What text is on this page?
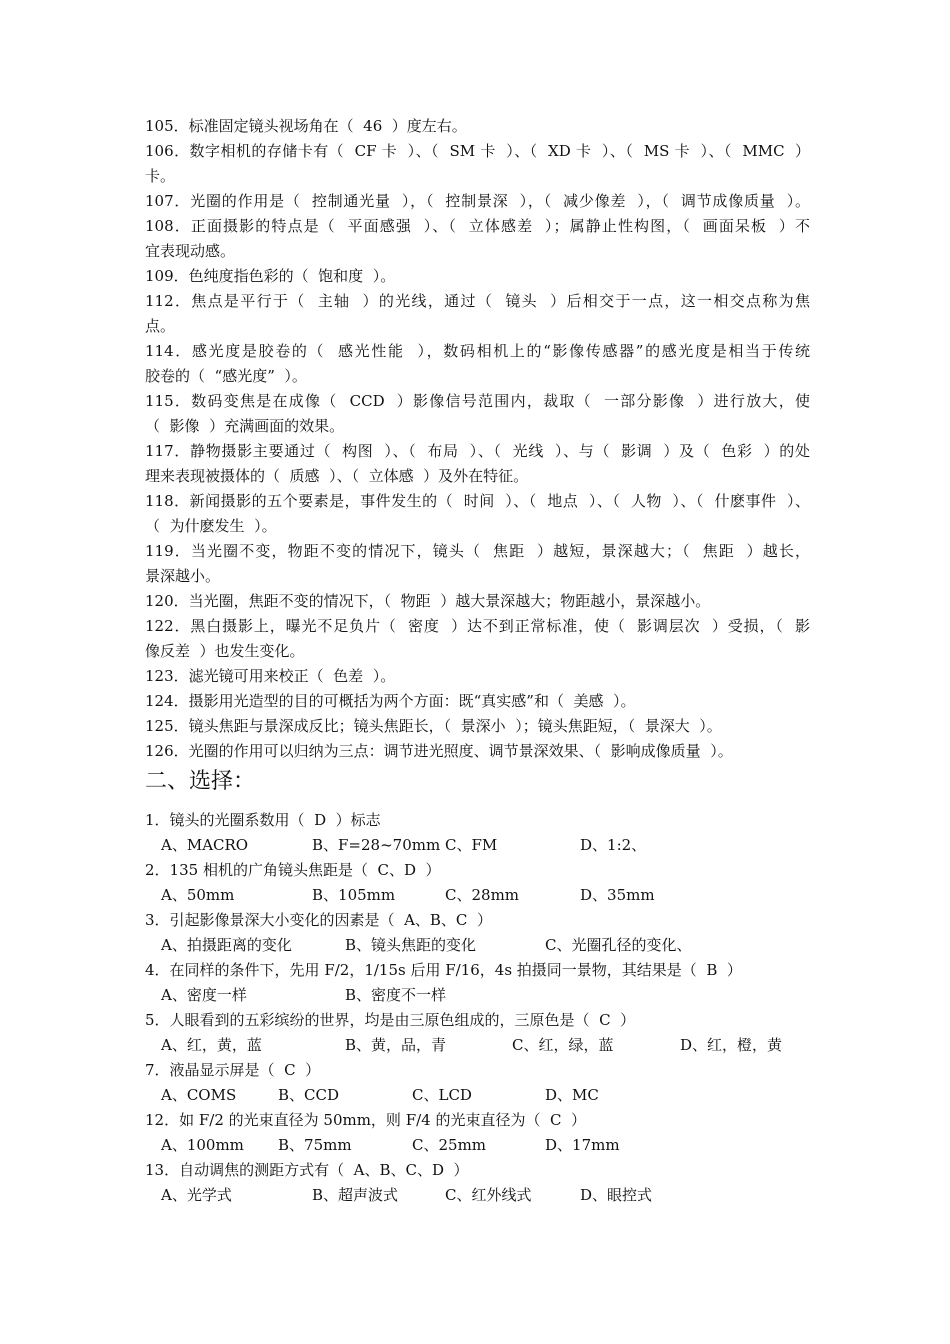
105．标准固定镜头视场角在（  46  ）度左右。
106．数字相机的存储卡有（  CF 卡  ）、（  SM 卡  ）、（  XD 卡  ）、（  MS 卡  ）、（  MMC  ）
卡。
107．光圈的作用是（  控制通光量  ），（  控制景深  ），（  减少像差  ），（  调节成像质量  ）。
108．正面摄影的特点是（  平面感强  ）、（  立体感差  ）；属静止性构图，（  画面呆板  ）不
宜表现动感。
109．色纯度指色彩的（  饱和度  ）。
112．焦点是平行于（  主轴  ）的光线，通过（  镜头  ）后相交于一点，这一相交点称为焦
点。
114．感光度是胶卷的（  感光性能  ），数码相机上的“影像传感器”的感光度是相当于传统
胶卷的（  “感光度”  ）。
115．数码变焦是在成像（  CCD  ）影像信号范围内，裁取（  一部分影像  ）进行放大，使
（  影像  ）充满画面的效果。
117．静物摄影主要通过（  构图  ）、（  布局  ）、（  光线  ）、与（  影调  ）及（  色彩  ）的处
理来表现被摄体的（  质感  ）、（  立体感  ）及外在特征。
118．新闻摄影的五个要素是，事件发生的（  时间  ）、（  地点  ）、（  人物  ）、（  什麽事件  ）、
（  为什麽发生  ）。
119．当光圈不变，物距不变的情况下，镜头（  焦距  ）越短，景深越大；（  焦距  ）越长，
景深越小。
120．当光圈，焦距不变的情况下，（  物距  ）越大景深越大；物距越小，景深越小。
122．黑白摄影上，曝光不足负片（  密度  ）达不到正常标准，使（  影调层次  ）受损，（  影
像反差  ）也发生变化。
123．滤光镜可用来校正（  色差  ）。
124．摄影用光造型的目的可概括为两个方面：既“真实感”和（  美感  ）。
125．镜头焦距与景深成反比；镜头焦距长，（  景深小  ）；镜头焦距短，（  景深大  ）。
126．光圈的作用可以归纳为三点：调节进光照度、调节景深效果、（  影响成像质量  ）。
二、选择：
1．镜头的光圈系数用（  D  ）标志
A、MACRO	B、F=28~70mm C、FM	D、1:2、
2．135 相机的广角镜头焦距是（  C、D  ）
A、50mm	B、105mm	C、28mm	D、35mm
3．引起影像景深大小变化的因素是（  A、B、C  ）
A、拍摄距离的变化	B、镜头焦距的变化	C、光圈孔径的变化、
4．在同样的条件下，先用 F/2，1/15s 后用 F/16，4s 拍摄同一景物，其结果是（  B  ）
A、密度一样	B、密度不一样
5．人眼看到的五彩缤纷的世界，均是由三原色组成的，三原色是（  C  ）
A、红，黄，蓝	B、黄，品，青	C、红，绿，蓝	D、红，橙，黄
7．液晶显示屏是（  C  ）
A、COMS	B、CCD	C、LCD	D、MC
12．如 F/2 的光束直径为 50mm，则 F/4 的光束直径为（  C  ）
A、100mm B、75mm	C、25mm	D、17mm
13．自动调焦的测距方式有（  A、B、C、D  ）
A、光学式	B、超声波式	C、红外线式	D、眼控式
